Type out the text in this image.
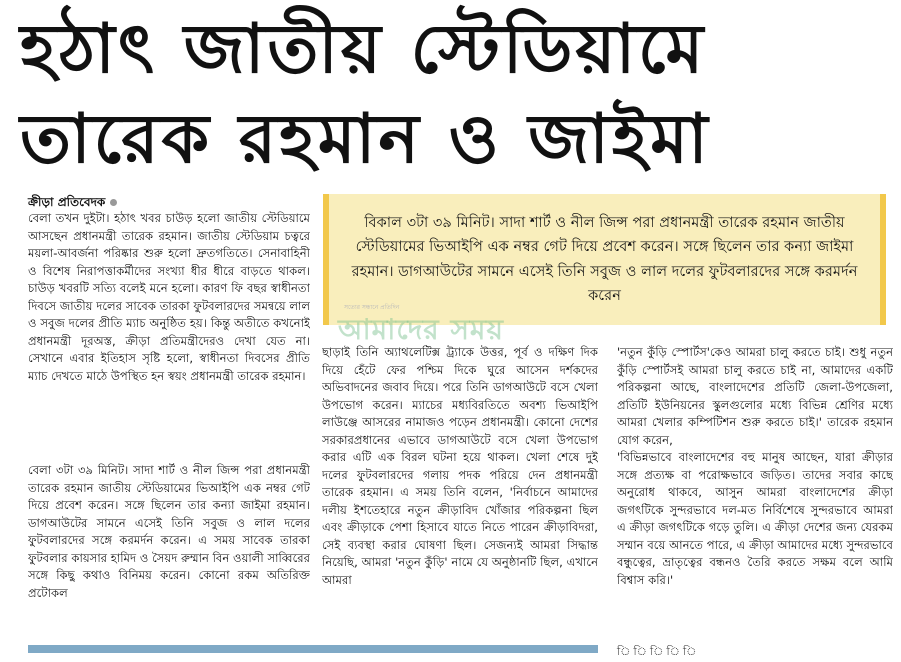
হঠাৎ জাতীয় স্টেডিয়ামে
তারেক রহমান ও জাইমা
ক্রীড়া প্রতিবেদক

বেলা তখন দুইটা। হঠাৎ খবর চাউড় হলো জাতীয় স্টেডিয়ামে আসছেন প্রধানমন্ত্রী তারেক রহমান। জাতীয় স্টেডিয়াম চত্বরে ময়লা-আবর্জনা পরিষ্কার শুরু হলো দ্রুতগতিতে। সেনাবাহিনী ও বিশেষ নিরাপত্তাকর্মীদের সংখ্যা ধীর ধীরে বাড়তে থাকল। চাউড় খবরটি সত্যি বলেই মনে হলো। কারণ ফি বছর স্বাধীনতা দিবসে জাতীয় দলের সাবেক তারকা ফুটবলারদের সমন্বয়ে লাল ও সবুজ দলের প্রীতি ম্যাচ অনুষ্ঠিত হয়। কিন্তু অতীতে কখনোই প্রধানমন্ত্রী দূরঅস্ত, ক্রীড়া প্রতিমন্ত্রীদেরও দেখা যেত না। সেখানে এবার ইতিহাস সৃষ্টি হলো, স্বাধীনতা দিবসের প্রীতি ম্যাচ দেখতে মাঠে উপস্থিত হন স্বয়ং প্রধানমন্ত্রী তারেক রহমান।

বেলা ৩টা ৩৯ মিনিট। সাদা শার্ট ও নীল জিন্স পরা প্রধানমন্ত্রী তারেক রহমান জাতীয় স্টেডিয়ামের ভিআইপি এক নম্বর গেট দিয়ে প্রবেশ করেন। সঙ্গে ছিলেন তার কন্যা জাইমা রহমান। ডাগআউটের সামনে এসেই তিনি সবুজ ও লাল দলের ফুটবলারদের সঙ্গে করমর্দন করেন। এ সময় সাবেক তারকা ফুটবলার কায়সার হামিদ ও সৈয়দ রুম্মান বিন ওয়ালী সাব্বিরের সঙ্গে কিছু কথাও বিনিময় করেন। কোনো রকম অতিরিক্ত প্রটোকল

বিকাল ৩টা ৩৯ মিনিট। সাদা শার্ট ও নীল জিন্স পরা প্রধানমন্ত্রী তারেক রহমান জাতীয় স্টেডিয়ামের ভিআইপি এক নম্বর গেট দিয়ে প্রবেশ করেন। সঙ্গে ছিলেন তার কন্যা জাইমা রহমান। ডাগআউটের সামনে এসেই তিনি সবুজ ও লাল দলের ফুটবলারদের সঙ্গে করমর্দন করেন

সত্যের সন্ধানে প্রতিদিন
আমাদের সময়

ছাড়াই তিনি অ্যাথলেটিক্স ট্র্যাকে উত্তর, পূর্ব ও দক্ষিণ দিক দিয়ে হেঁটে ফের পশ্চিম দিকে ঘুরে আসেন দর্শকদের অভিবাদনের জবাব দিয়ে। পরে তিনি ডাগআউটে বসে খেলা উপভোগ করেন। ম্যাচের মধ্যবিরতিতে অবশ্য ভিআইপি লাউঞ্জে আসরের নামাজও পড়েন প্রধানমন্ত্রী। কোনো দেশের সরকারপ্রধানের এভাবে ডাগআউটে বসে খেলা উপভোগ করার এটি এক বিরল ঘটনা হয়ে থাকল। খেলা শেষে দুই দলের ফুটবলারদের গলায় পদক পরিয়ে দেন প্রধানমন্ত্রী তারেক রহমান। এ সময় তিনি বলেন, 'নির্বাচনে আমাদের দলীয় ইশতেহারে নতুন ক্রীড়াবিদ খোঁজার পরিকল্পনা ছিল এবং ক্রীড়াকে পেশা হিসাবে যাতে নিতে পারেন ক্রীড়াবিদরা, সেই ব্যবস্থা করার ঘোষণা ছিল। সেজন্যই আমরা সিদ্ধান্ত নিয়েছি, আমরা 'নতুন কুঁড়ি' নামে যে অনুষ্ঠানটি ছিল, এখানে আমরা

'নতুন কুঁড়ি স্পোর্টস'কেও আমরা চালু করতে চাই। শুধু নতুন কুঁড়ি স্পোর্টসই আমরা চালু করতে চাই না, আমাদের একটি পরিকল্পনা আছে, বাংলাদেশের প্রতিটি জেলা-উপজেলা, প্রতিটি ইউনিয়নের স্কুলগুলোর মধ্যে বিভিন্ন শ্রেণির মধ্যে আমরা খেলার কম্পিটিশন শুরু করতে চাই।' তারেক রহমান যোগ করেন,

'বিভিন্নভাবে বাংলাদেশের বহু মানুষ আছেন, যারা ক্রীড়ার সঙ্গে প্রত্যক্ষ বা পরোক্ষভাবে জড়িত। তাদের সবার কাছে অনুরোধ থাকবে, আসুন আমরা বাংলাদেশের ক্রীড়া জগৎটিকে সুন্দরভাবে দল-মত নির্বিশেষে সুন্দরভাবে আমরা এ ক্রীড়া জগৎটিকে গড়ে তুলি। এ ক্রীড়া দেশের জন্য যেরকম সম্মান বয়ে আনতে পারে, এ ক্রীড়া আমাদের মধ্যে সুন্দরভাবে বন্ধুত্বের, ভ্রাতৃত্বের বন্ধনও তৈরি করতে সক্ষম বলে আমি বিশ্বাস করি।'

ি ি ি ি ি
